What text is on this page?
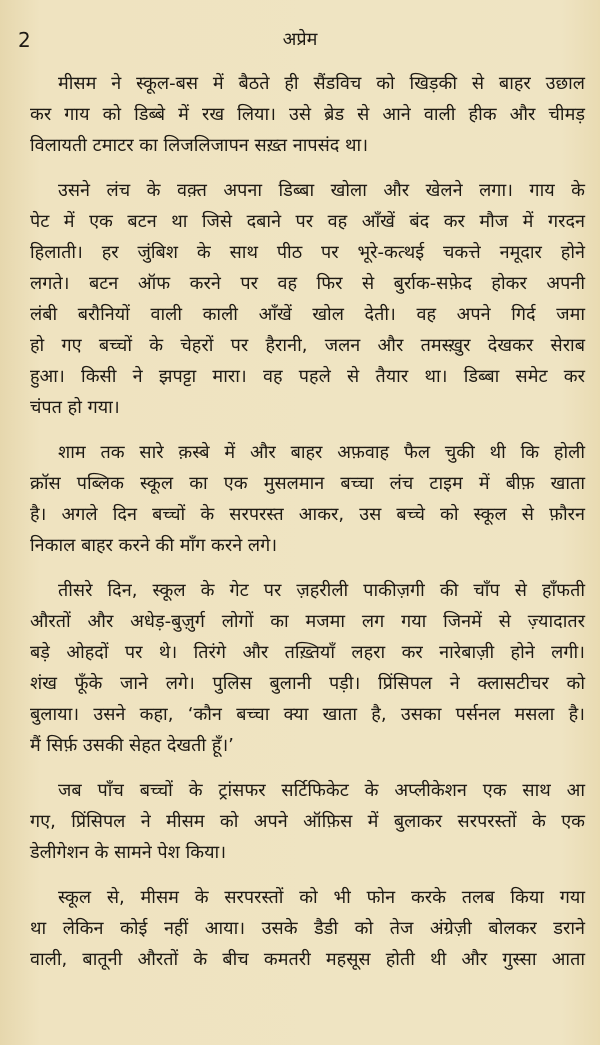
2	अप्रेम
मीसम ने स्कूल-बस में बैठते ही सैंडविच को खिड़की से बाहर उछाल
कर गाय को डिब्बे में रख लिया। उसे ब्रेड से आने वाली हीक और चीमड़
विलायती टमाटर का लिजलिजापन सख़्त नापसंद था।
उसने लंच के वक़्त अपना डिब्बा खोला और खेलने लगा। गाय के
पेट में एक बटन था जिसे दबाने पर वह आँखें बंद कर मौज में गरदन
हिलाती। हर जुंबिश के साथ पीठ पर भूरे-कत्थई चकत्ते नमूदार होने
लगते। बटन ऑफ करने पर वह फिर से बुर्राक-सफ़ेद होकर अपनी
लंबी बरौनियों वाली काली आँखें खोल देती। वह अपने गिर्द जमा
हो गए बच्चों के चेहरों पर हैरानी, जलन और तमस्ख़ुर देखकर सेराब
हुआ। किसी ने झपट्टा मारा। वह पहले से तैयार था। डिब्बा समेट कर
चंपत हो गया।
शाम तक सारे क़स्बे में और बाहर अफ़वाह फैल चुकी थी कि होली
क्रॉस पब्लिक स्कूल का एक मुसलमान बच्चा लंच टाइम में बीफ़ खाता
है। अगले दिन बच्चों के सरपरस्त आकर, उस बच्चे को स्कूल से फ़ौरन
निकाल बाहर करने की माँग करने लगे।
तीसरे दिन, स्कूल के गेट पर ज़हरीली पाकीज़गी की चाँप से हाँफती
औरतों और अधेड़-बुज़ुर्ग लोगों का मजमा लग गया जिनमें से ज़्यादातर
बड़े ओहदों पर थे। तिरंगे और तख़्तियाँ लहरा कर नारेबाज़ी होने लगी।
शंख फूँके जाने लगे। पुलिस बुलानी पड़ी। प्रिंसिपल ने क्लासटीचर को
बुलाया। उसने कहा, ‘कौन बच्चा क्या खाता है, उसका पर्सनल मसला है।
मैं सिर्फ़ उसकी सेहत देखती हूँ।’
जब पाँच बच्चों के ट्रांसफर सर्टिफिकेट के अप्लीकेशन एक साथ आ
गए, प्रिंसिपल ने मीसम को अपने ऑफ़िस में बुलाकर सरपरस्तों के एक
डेलीगेशन के सामने पेश किया।
स्कूल से, मीसम के सरपरस्तों को भी फोन करके तलब किया गया
था लेकिन कोई नहीं आया। उसके डैडी को तेज अंग्रेज़ी बोलकर डराने
वाली, बातूनी औरतों के बीच कमतरी महसूस होती थी और गुस्सा आता
